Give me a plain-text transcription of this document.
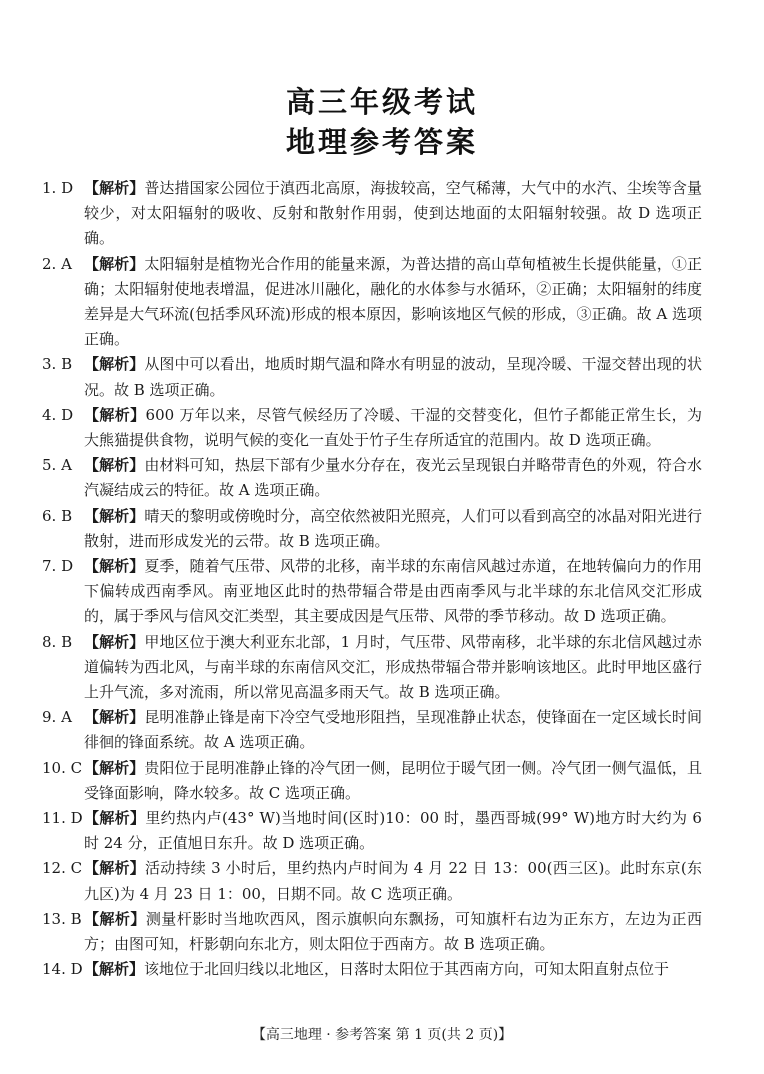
高三年级考试
地理参考答案
1. D 【解析】普达措国家公园位于滇西北高原，海拔较高，空气稀薄，大气中的水汽、尘埃等含量较少，对太阳辐射的吸收、反射和散射作用弱，使到达地面的太阳辐射较强。故 D 选项正确。
2. A 【解析】太阳辐射是植物光合作用的能量来源，为普达措的高山草甸植被生长提供能量，①正确；太阳辐射使地表增温，促进冰川融化，融化的水体参与水循环，②正确；太阳辐射的纬度差异是大气环流(包括季风环流)形成的根本原因，影响该地区气候的形成，③正确。故 A 选项正确。
3. B 【解析】从图中可以看出，地质时期气温和降水有明显的波动，呈现冷暖、干湿交替出现的状况。故 B 选项正确。
4. D 【解析】600 万年以来，尽管气候经历了冷暖、干湿的交替变化，但竹子都能正常生长，为大熊猫提供食物，说明气候的变化一直处于竹子生存所适宜的范围内。故 D 选项正确。
5. A 【解析】由材料可知，热层下部有少量水分存在，夜光云呈现银白并略带青色的外观，符合水汽凝结成云的特征。故 A 选项正确。
6. B 【解析】晴天的黎明或傍晚时分，高空依然被阳光照亮，人们可以看到高空的冰晶对阳光进行散射，进而形成发光的云带。故 B 选项正确。
7. D 【解析】夏季，随着气压带、风带的北移，南半球的东南信风越过赤道，在地转偏向力的作用下偏转成西南季风。南亚地区此时的热带辐合带是由西南季风与北半球的东北信风交汇形成的，属于季风与信风交汇类型，其主要成因是气压带、风带的季节移动。故 D 选项正确。
8. B 【解析】甲地区位于澳大利亚东北部，1 月时，气压带、风带南移，北半球的东北信风越过赤道偏转为西北风，与南半球的东南信风交汇，形成热带辐合带并影响该地区。此时甲地区盛行上升气流，多对流雨，所以常见高温多雨天气。故 B 选项正确。
9. A 【解析】昆明准静止锋是南下冷空气受地形阻挡，呈现准静止状态，使锋面在一定区域长时间徘徊的锋面系统。故 A 选项正确。
10. C 【解析】贵阳位于昆明准静止锋的冷气团一侧，昆明位于暖气团一侧。冷气团一侧气温低，且受锋面影响，降水较多。故 C 选项正确。
11. D 【解析】里约热内卢(43° W)当地时间(区时)10：00 时，墨西哥城(99° W)地方时大约为 6 时 24 分，正值旭日东升。故 D 选项正确。
12. C 【解析】活动持续 3 小时后，里约热内卢时间为 4 月 22 日 13：00(西三区)。此时东京(东九区)为 4 月 23 日 1：00，日期不同。故 C 选项正确。
13. B 【解析】测量杆影时当地吹西风，图示旗帜向东飘扬，可知旗杆右边为正东方，左边为正西方；由图可知，杆影朝向东北方，则太阳位于西南方。故 B 选项正确。
14. D 【解析】该地位于北回归线以北地区，日落时太阳位于其西南方向，可知太阳直射点位于
【高三地理 · 参考答案 第 1 页(共 2 页)】
